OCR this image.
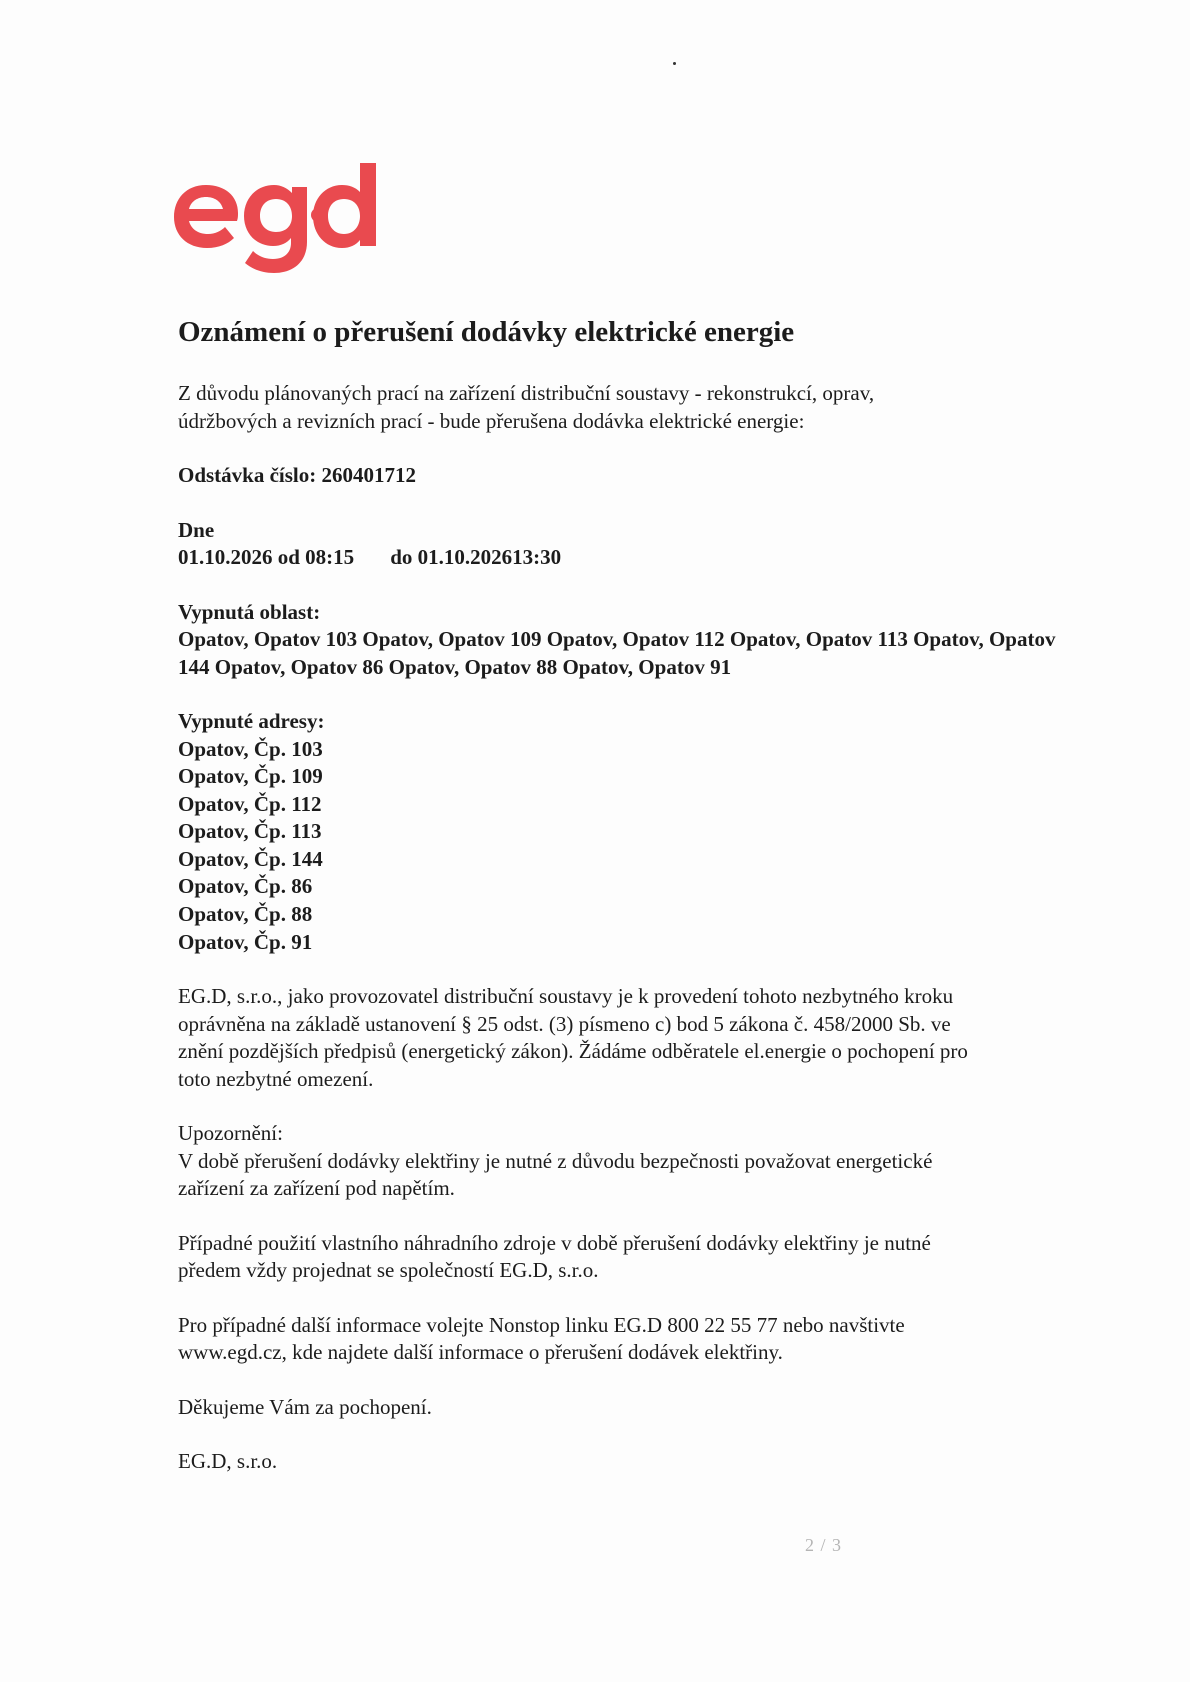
Oznámení o přerušení dodávky elektrické energie

Z důvodu plánovaných prací na zařízení distribuční soustavy - rekonstrukcí, oprav,

údržbových a revizních prací - bude přerušena dodávka elektrické energie:

Odstávka číslo: 260401712

Dne

01.10.2026 od 08:15 do 01.10.202613:30

Vypnutá oblast:

Opatov, Opatov 103 Opatov, Opatov 109 Opatov, Opatov 112 Opatov, Opatov 113 Opatov, Opatov

144 Opatov, Opatov 86 Opatov, Opatov 88 Opatov, Opatov 91

Vypnuté adresy:

Opatov, Čp. 103
Opatov, Čp. 109
Opatov, Čp. 112
Opatov, Čp. 113
Opatov, Čp. 144
Opatov, Čp. 86
Opatov, Čp. 88
Opatov, Čp. 91

EG.D, s.r.o., jako provozovatel distribuční soustavy je k provedení tohoto nezbytného kroku

oprávněna na základě ustanovení § 25 odst. (3) písmeno c) bod 5 zákona č. 458/2000 Sb. ve

znění pozdějších předpisů (energetický zákon). Žádáme odběratele el.energie o pochopení pro

toto nezbytné omezení.

Upozornění:

V době přerušení dodávky elektřiny je nutné z důvodu bezpečnosti považovat energetické

zařízení za zařízení pod napětím.

Případné použití vlastního náhradního zdroje v době přerušení dodávky elektřiny je nutné

předem vždy projednat se společností EG.D, s.r.o.

Pro případné další informace volejte Nonstop linku EG.D 800 22 55 77 nebo navštivte

www.egd.cz, kde najdete další informace o přerušení dodávek elektřiny.

Děkujeme Vám za pochopení.

EG.D, s.r.o.

2 / 3
